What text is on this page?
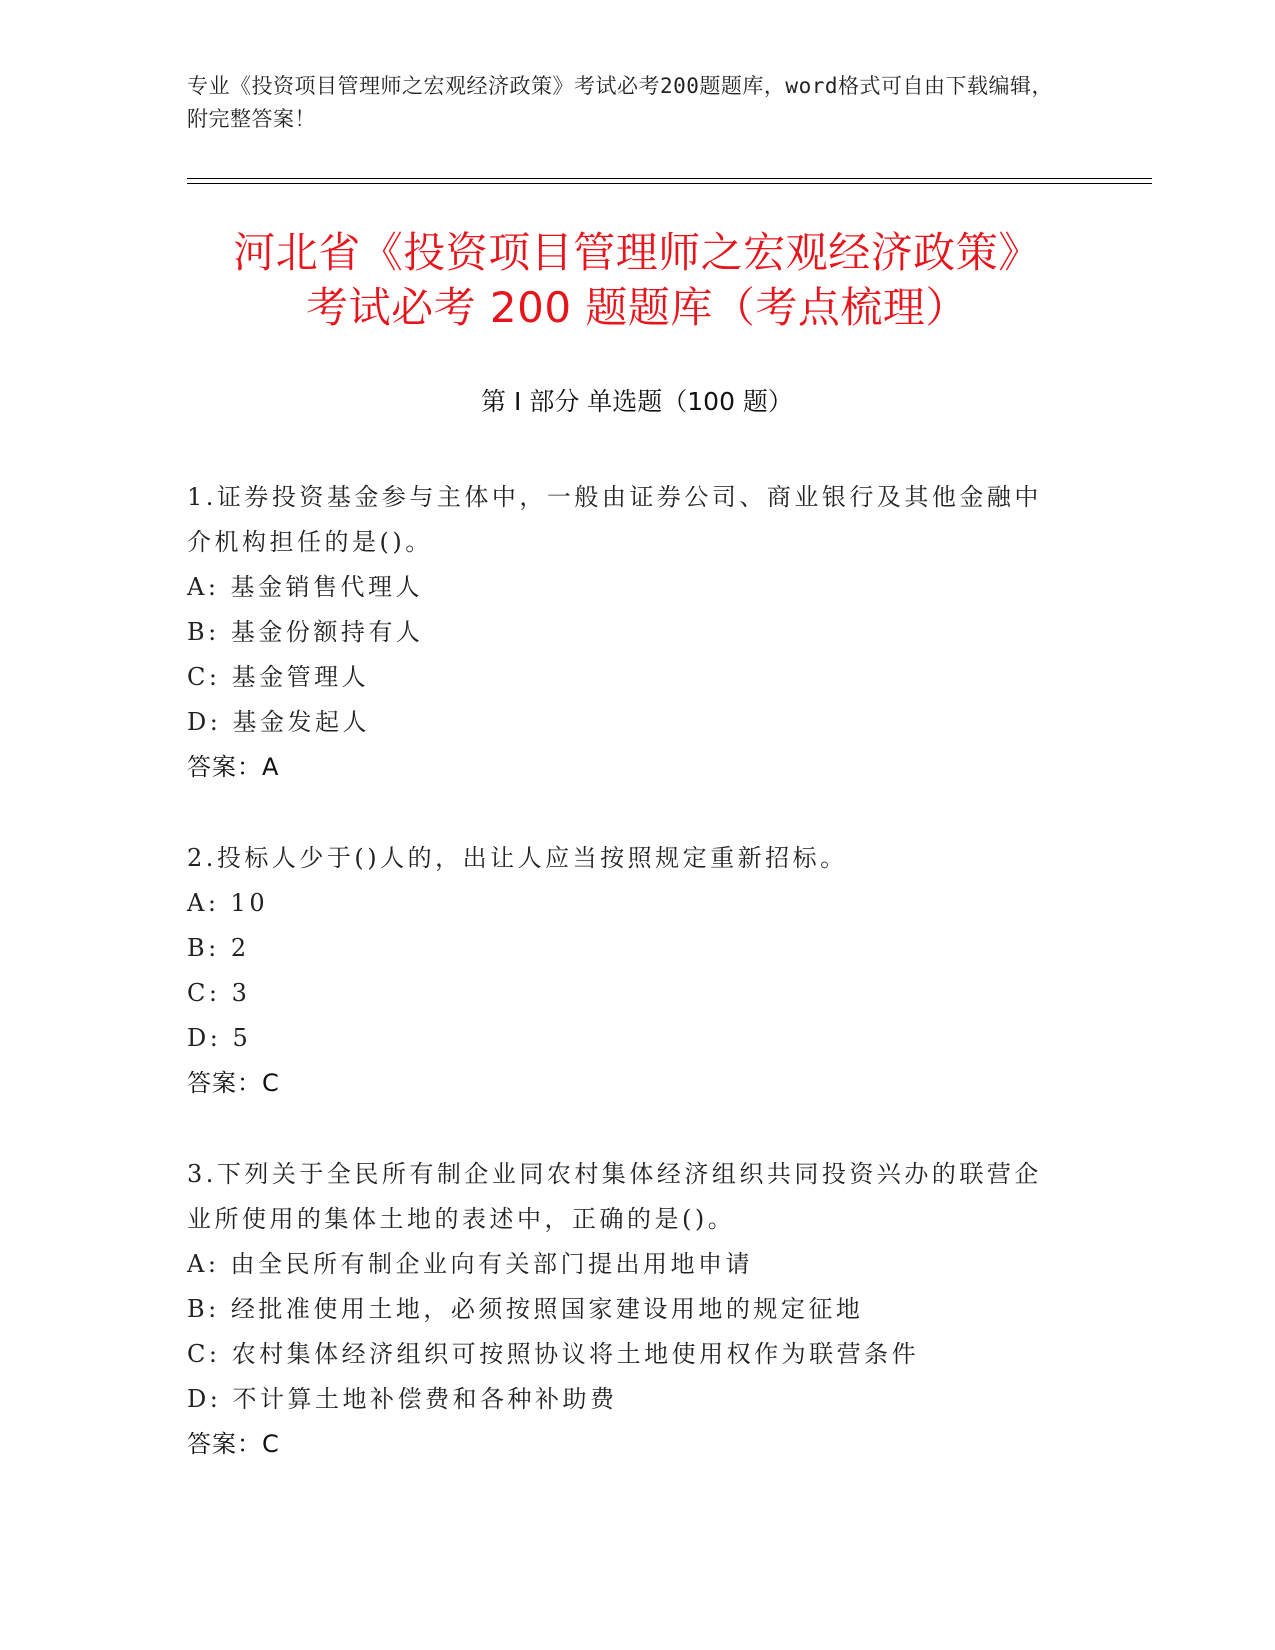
专业《投资项目管理师之宏观经济政策》考试必考200题题库，word格式可自由下载编辑，附完整答案！
河北省《投资项目管理师之宏观经济政策》
考试必考 200 题题库（考点梳理）
第 I 部分 单选题（100 题）
1.证券投资基金参与主体中，一般由证券公司、商业银行及其他金融中介机构担任的是()。
A: 基金销售代理人
B: 基金份额持有人
C: 基金管理人
D: 基金发起人
答案：A
2.投标人少于()人的，出让人应当按照规定重新招标。
A: 10
B: 2
C: 3
D: 5
答案：C
3.下列关于全民所有制企业同农村集体经济组织共同投资兴办的联营企业所使用的集体土地的表述中，正确的是()。
A: 由全民所有制企业向有关部门提出用地申请
B: 经批准使用土地，必须按照国家建设用地的规定征地
C: 农村集体经济组织可按照协议将土地使用权作为联营条件
D: 不计算土地补偿费和各种补助费
答案：C
